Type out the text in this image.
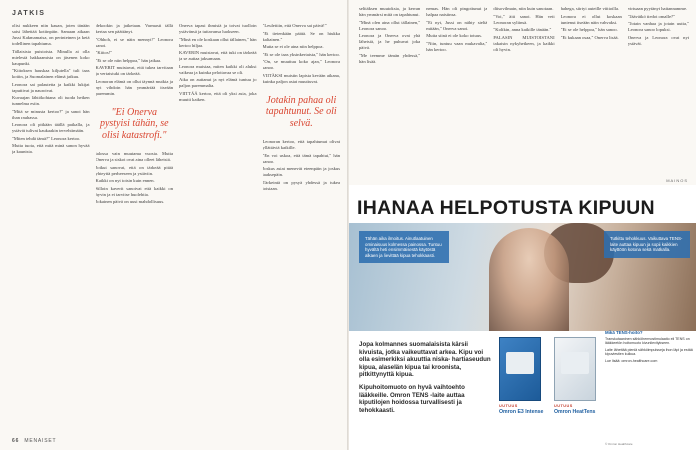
JATKIS

olisi nukkeen niin kauan, joten tänään saisi lähettää kotiinpäin. Samaan aikaan Jussi Kakmamaisa, on perinteinen ja ketä todellinen tapahtuma.

Tällaisista puistoista. Minulla ai olla mielestä hakkaamista on jäsenen koko kaupunki.

"Kiitoksen hauskaa kiljutella" tuli taas kotiin, ja Suomalainen elämä jatkuu.

Leonora sai palautetta ja kaikki lukijat taputtivat ja nauroivat.

Kuvaajan lähtökohtana oli tuoda hetken tunnelma esiin.

"Mitä se minusta kertoo?" ja sanoi hän ihan rauhassa.

Leonora oli pitkään täällä paikalla, ja ystävät tulivat kaukaakin tervehtimään.

"Miten tehdä tämä?" Leonora kertoo.

Mutta tuota, että mitä minä sanon hyvää ja kaunista.

dekookin ja jatketaan. Varmasti tällä kertaa sen päättänyt.

"Ohhoh, ei se näin mennyt!" Leonora sanoi.

"Kiitos!"

"Ei se ole niin helppoa," hän jatkaa.

KAVERIT muistavat, että tukea tarvitaan ja vertaistuki on tärkeää.

Leonoran elämä on ollut täynnä mutkia ja nyt vihdoin hän ymmärtää itseään paremmin.

"Ei Onerva pystyisi tähän, se olisi katastrofi."

talossa vain muutama vuosia. Mutta Onerva ja siskot ovat aina olleet läheisiä.

Jotkut sanovat, että on tärkeää pitää yhteyttä perheeseen ja ystäviin.

Kaikki on nyt toisin kuin ennen.

Silloin kaverit sanoivat että kaikki on hyvin ja ei tarvitse huolehtia.

Jokainen päivä on uusi mahdollisuus.

Onerva tapasi ihmisiä ja toivat tuolloin ystävänsä ja tuttavansa luokseen.

"Minä en ole koskaan ollut tällainen," hän kertoo hiljaa.

KAVERIN muistavat, että tuki on tärkeää ja se auttaa jaksamaan.

Leonora muistaa, miten kaikki oli aluksi vaikeaa ja kuinka pelottavaa se oli.

Aika on auttanut ja nyt elämä tuntuu jo paljon paremmalta.

VIITTÄÄ kertoo, että oli yksi asia, joka muutti kaiken.

"Leulettiin, että Onerva sai päivä!"

"Ei tietenkään päätä. Se on hiukka kaltainen."

Mutta se ei ole aina niin helppoa.

"Ei se ole taas yksinkertaista," hän kertoo.

"On, se muuttuu koko ajan," Leonora sanoo.

VIITÄKSI muistin lapista kevään aikana, kuinka paljon asiat muuttuvat.

Jotakin pahaa oli tapahtunut. Se oli selvä.

Leonoran kertoo, että tapahtumat olivat yllättäviä kaikille.

"En voi uskoa, että tämä tapahtui," hän sanoo.

Joskus asiat menevät eteenpäin ja joskus taaksepäin.

Tärkeintä on pysyä yhdessä ja tukea toisiaan.

66 MENAISET

selitäksen muutoksia, ja kerran hän ymmärsi mitä on tapahtunut.

"Minä olen aina ollut tällainen," Leonora sanoo.

Leonora ja Onerva ovat yhä läheisiä, ja he puhuvat joka päivä.

"Me teemme tämän yhdessä," hän lisää.

nemas. Hän oli pingottunut ja halpaa naisiinsa.

"Ei nyt, Jussi on nähty sieltä mitään," Onerva sanoi.

Mutta siinä ei ole koko totuus.

"Niin, tuntuu vaan mukavalta," hän kertoo.

diisovilmain, niin kuin sanotaan.

"Voi," äiti sanoi. Hän veti Leonoran syliinsä.

"Kolikin, anna kaikille tänään."

PALASIN MUISTOISTANI takaisin nykyhetkeen, ja kaikki oli hyvin.

hahega, siirtyi auteille viittoilla.

Leonora ei ollut koskaan tuntenut itseään näin vahvaksi.

"Ei se ole helppoa," hän sanoo.

"Ei kukaan osaa," Onerva lisää.

virtuaan pyytänyt haitannamme.

"Jäävätkö tiedot omalle?"

"Jotain vanhaa ja jotain uutta," Leonora sanoo lopuksi.

Onerva ja Leonora ovat nyt ystävät.

MAINOS
IHANAA HELPOTUSTA KIPUUN
Tähän aika ilmoitus. Ainutlaatuinen ominaisuus kolmessa painossa. Tuntuu hyvältä heti ensimmäisestä käytöstä alkaen ja lievittää kipua tehokkaasti.
Tutkittu tehokkuus. Vaikuttava TENS-laite auttaa kipuun ja sopii kaikkien käyttöön kotona sekä matkalla.
Jopa kolmannes suomalaisista kärsii kivuista, jotka vaikeuttavat arkea. Kipu voi olla esimerkiksi akuuttia niska- hartiaseudun kipua, alaselän kipua tai kroonista, pitkittynyttä kipua.
Kipuhoitomuoto on hyvä vaihtoehto lääkkeille. Omron TENS -laite auttaa kiputilojen hoidossa turvallisesti ja tehokkaasti.
UUTUUS
Omron E3 Intense
UUTUUS
Omron HeatTens
Mikä TENS-hoito?

Transkutaaninen sähköhermostimulaatio eli TENS on lääkkeetön hoitomuoto kivunlievitykseen.

Laite lähettää pieniä sähköimpulsseja ihon läpi ja estää kipuviestien kulkua.

Lue lisää: omron-healthcare.com

© Omron Healthcare
